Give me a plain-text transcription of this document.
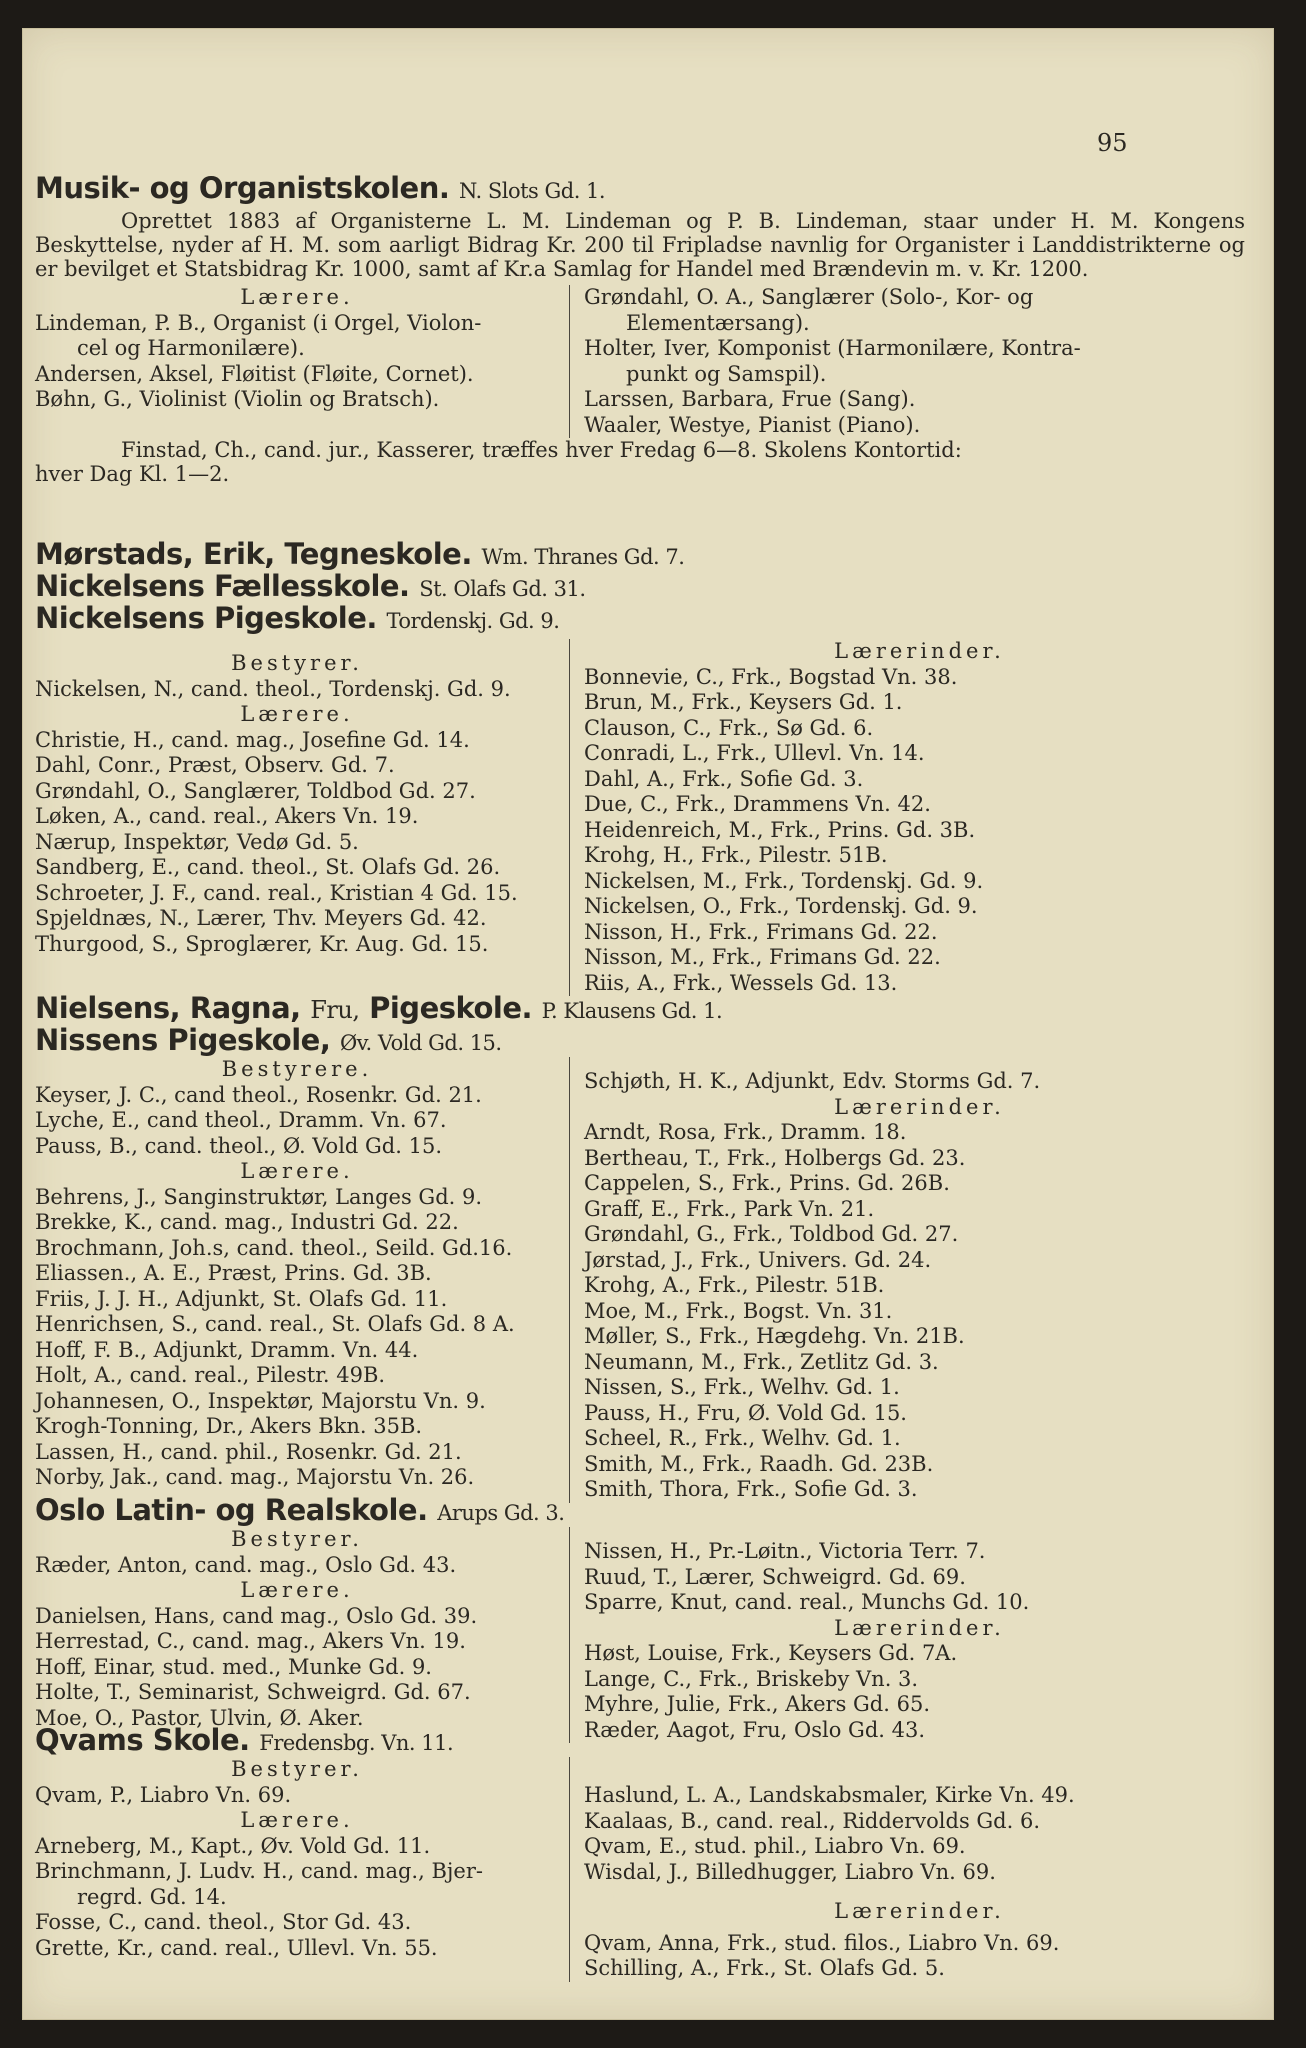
95
Musik- og Organistskolen. N. Slots Gd. 1.
Oprettet 1883 af Organisterne L. M. Lindeman og P. B. Lindeman, staar under H. M. Kongens Beskyttelse, nyder af H. M. som aarligt Bidrag Kr. 200 til Fripladse navnlig for Organister i Landdistrikterne og er bevilget et Statsbidrag Kr. 1000, samt af Kr.a Samlag for Handel med Brændevin m. v. Kr. 1200.
Lærere.
Lindeman, P. B., Organist (i Orgel, Violon-
cel og Harmonilære).
Andersen, Aksel, Fløitist (Fløite, Cornet).
Bøhn, G., Violinist (Violin og Bratsch).
Grøndahl, O. A., Sanglærer (Solo-, Kor- og
Elementærsang).
Holter, Iver, Komponist (Harmonilære, Kontra-
punkt og Samspil).
Larssen, Barbara, Frue (Sang).
Waaler, Westye, Pianist (Piano).
Finstad, Ch., cand. jur., Kasserer, træffes hver Fredag 6—8. Skolens Kontortid:
hver Dag Kl. 1—2.
Mørstads, Erik, Tegneskole. Wm. Thranes Gd. 7.
Nickelsens Fællesskole. St. Olafs Gd. 31.
Nickelsens Pigeskole. Tordenskj. Gd. 9.
Bestyrer.
Nickelsen, N., cand. theol., Tordenskj. Gd. 9.
Lærere.
Christie, H., cand. mag., Josefine Gd. 14.
Dahl, Conr., Præst, Observ. Gd. 7.
Grøndahl, O., Sanglærer, Toldbod Gd. 27.
Løken, A., cand. real., Akers Vn. 19.
Nærup, Inspektør, Vedø Gd. 5.
Sandberg, E., cand. theol., St. Olafs Gd. 26.
Schroeter, J. F., cand. real., Kristian 4 Gd. 15.
Spjeldnæs, N., Lærer, Thv. Meyers Gd. 42.
Thurgood, S., Sproglærer, Kr. Aug. Gd. 15.
Lærerinder.
Bonnevie, C., Frk., Bogstad Vn. 38.
Brun, M., Frk., Keysers Gd. 1.
Clauson, C., Frk., Sø Gd. 6.
Conradi, L., Frk., Ullevl. Vn. 14.
Dahl, A., Frk., Sofie Gd. 3.
Due, C., Frk., Drammens Vn. 42.
Heidenreich, M., Frk., Prins. Gd. 3B.
Krohg, H., Frk., Pilestr. 51B.
Nickelsen, M., Frk., Tordenskj. Gd. 9.
Nickelsen, O., Frk., Tordenskj. Gd. 9.
Nisson, H., Frk., Frimans Gd. 22.
Nisson, M., Frk., Frimans Gd. 22.
Riis, A., Frk., Wessels Gd. 13.
Nielsens, Ragna, Fru, Pigeskole. P. Klausens Gd. 1.
Nissens Pigeskole, Øv. Vold Gd. 15.
Bestyrere.
Keyser, J. C., cand theol., Rosenkr. Gd. 21.
Lyche, E., cand theol., Dramm. Vn. 67.
Pauss, B., cand. theol., Ø. Vold Gd. 15.
Lærere.
Behrens, J., Sanginstruktør, Langes Gd. 9.
Brekke, K., cand. mag., Industri Gd. 22.
Brochmann, Joh.s, cand. theol., Seild. Gd.16.
Eliassen., A. E., Præst, Prins. Gd. 3B.
Friis, J. J. H., Adjunkt, St. Olafs Gd. 11.
Henrichsen, S., cand. real., St. Olafs Gd. 8 A.
Hoff, F. B., Adjunkt, Dramm. Vn. 44.
Holt, A., cand. real., Pilestr. 49B.
Johannesen, O., Inspektør, Majorstu Vn. 9.
Krogh-Tonning, Dr., Akers Bkn. 35B.
Lassen, H., cand. phil., Rosenkr. Gd. 21.
Norby, Jak., cand. mag., Majorstu Vn. 26.
Schjøth, H. K., Adjunkt, Edv. Storms Gd. 7.
Lærerinder.
Arndt, Rosa, Frk., Dramm. 18.
Bertheau, T., Frk., Holbergs Gd. 23.
Cappelen, S., Frk., Prins. Gd. 26B.
Graff, E., Frk., Park Vn. 21.
Grøndahl, G., Frk., Toldbod Gd. 27.
Jørstad, J., Frk., Univers. Gd. 24.
Krohg, A., Frk., Pilestr. 51B.
Moe, M., Frk., Bogst. Vn. 31.
Møller, S., Frk., Hægdehg. Vn. 21B.
Neumann, M., Frk., Zetlitz Gd. 3.
Nissen, S., Frk., Welhv. Gd. 1.
Pauss, H., Fru, Ø. Vold Gd. 15.
Scheel, R., Frk., Welhv. Gd. 1.
Smith, M., Frk., Raadh. Gd. 23B.
Smith, Thora, Frk., Sofie Gd. 3.
Oslo Latin- og Realskole. Arups Gd. 3.
Bestyrer.
Ræder, Anton, cand. mag., Oslo Gd. 43.
Lærere.
Danielsen, Hans, cand mag., Oslo Gd. 39.
Herrestad, C., cand. mag., Akers Vn. 19.
Hoff, Einar, stud. med., Munke Gd. 9.
Holte, T., Seminarist, Schweigrd. Gd. 67.
Moe, O., Pastor, Ulvin, Ø. Aker.
Nissen, H., Pr.-Løitn., Victoria Terr. 7.
Ruud, T., Lærer, Schweigrd. Gd. 69.
Sparre, Knut, cand. real., Munchs Gd. 10.
Lærerinder.
Høst, Louise, Frk., Keysers Gd. 7A.
Lange, C., Frk., Briskeby Vn. 3.
Myhre, Julie, Frk., Akers Gd. 65.
Ræder, Aagot, Fru, Oslo Gd. 43.
Qvams Skole. Fredensbg. Vn. 11.
Bestyrer.
Qvam, P., Liabro Vn. 69.
Lærere.
Arneberg, M., Kapt., Øv. Vold Gd. 11.
Brinchmann, J. Ludv. H., cand. mag., Bjer-
regrd. Gd. 14.
Fosse, C., cand. theol., Stor Gd. 43.
Grette, Kr., cand. real., Ullevl. Vn. 55.
Haslund, L. A., Landskabsmaler, Kirke Vn. 49.
Kaalaas, B., cand. real., Riddervolds Gd. 6.
Qvam, E., stud. phil., Liabro Vn. 69.
Wisdal, J., Billedhugger, Liabro Vn. 69.
Lærerinder.
Qvam, Anna, Frk., stud. filos., Liabro Vn. 69.
Schilling, A., Frk., St. Olafs Gd. 5.
